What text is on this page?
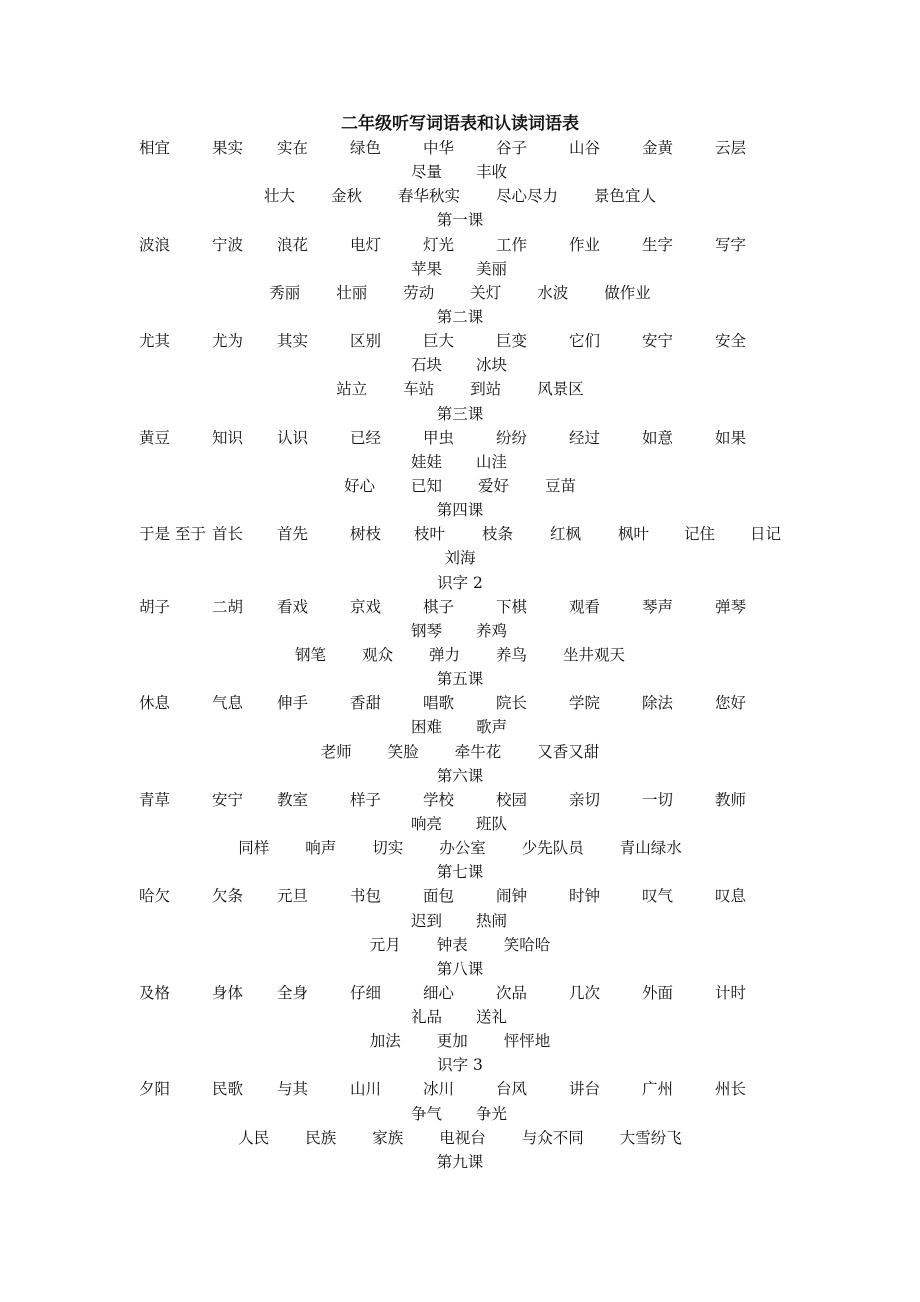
二年级听写词语表和认读词语表
相宜	果实 实在	绿色	中华	谷子	山谷	金黄	云层
尽量 丰收
壮大 金秋 春华秋实 尽心尽力 景色宜人
第一课
波浪	宁波 浪花	电灯	灯光	工作	作业	生字	写字
苹果 美丽
秀丽 壮丽 劳动 关灯 水波 做作业
第二课
尤其	尤为 其实	区别	巨大	巨变	它们	安宁	安全
石块 冰块
站立 车站 到站 风景区
第三课
黄豆	知识 认识	已经	甲虫	纷纷	经过	如意	如果
娃娃 山洼
好心 已知 爱好 豆苗
第四课
于是 至于 首长 首先	树枝 枝叶 枝条 红枫 枫叶 记住 日记
刘海
识字 2
胡子	二胡 看戏	京戏	棋子	下棋	观看	琴声	弹琴
钢琴 养鸡
钢笔 观众 弹力 养鸟 坐井观天
第五课
休息	气息 伸手	香甜	唱歌	院长	学院	除法	您好
困难 歌声
老师 笑脸 牵牛花 又香又甜
第六课
青草	安宁 教室	样子	学校	校园	亲切	一切	教师
响亮 班队
同样 响声 切实 办公室 少先队员 青山绿水
第七课
哈欠	欠条 元旦	书包	面包	闹钟	时钟	叹气	叹息
迟到 热闹
元月 钟表 笑哈哈
第八课
及格	身体 全身	仔细	细心	次品	几次	外面	计时
礼品 送礼
加法 更加 怦怦地
识字 3
夕阳	民歌 与其	山川	冰川	台风	讲台	广州	州长
争气 争光
人民 民族 家族 电视台 与众不同 大雪纷飞
第九课
